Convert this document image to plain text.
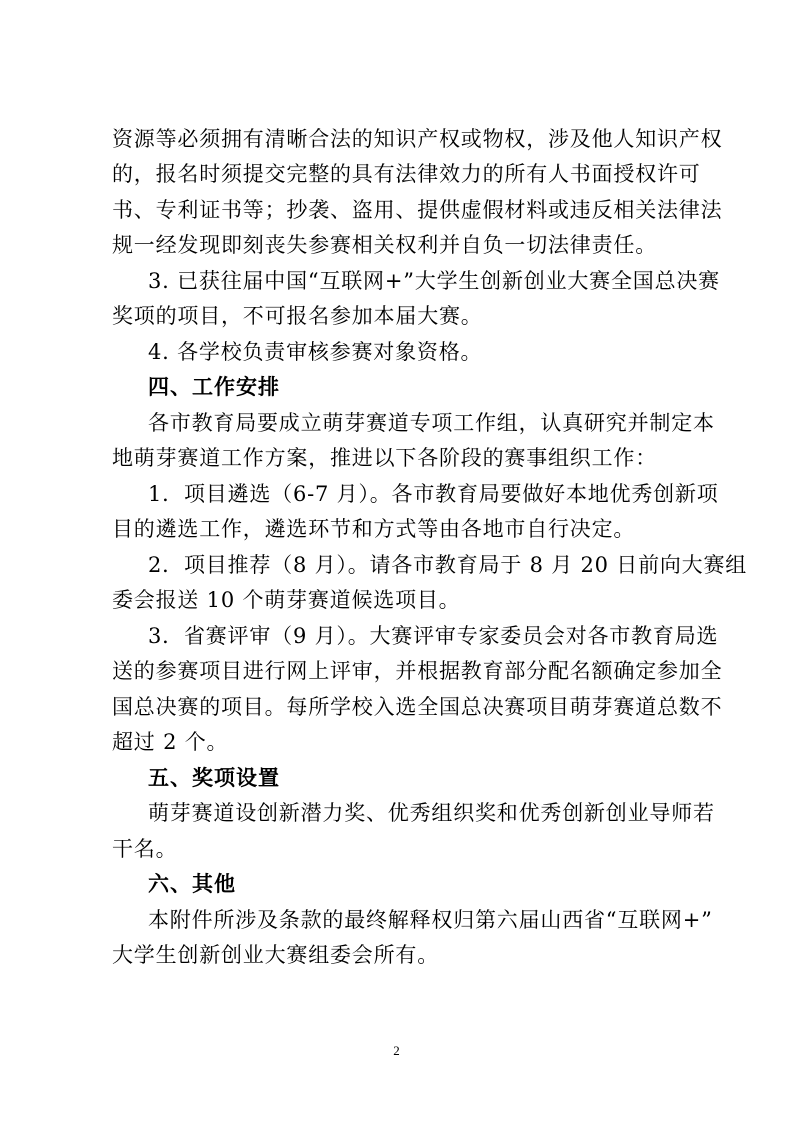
资源等必须拥有清晰合法的知识产权或物权，涉及他人知识产权
的，报名时须提交完整的具有法律效力的所有人书面授权许可
书、专利证书等；抄袭、盗用、提供虚假材料或违反相关法律法
规一经发现即刻丧失参赛相关权利并自负一切法律责任。
3. 已获往届中国“互联网+”大学生创新创业大赛全国总决赛
奖项的项目，不可报名参加本届大赛。
4. 各学校负责审核参赛对象资格。
四、工作安排
各市教育局要成立萌芽赛道专项工作组，认真研究并制定本
地萌芽赛道工作方案，推进以下各阶段的赛事组织工作：
1．项目遴选（6-7 月）。各市教育局要做好本地优秀创新项
目的遴选工作，遴选环节和方式等由各地市自行决定。
2．项目推荐（8 月）。请各市教育局于 8 月 20 日前向大赛组
委会报送 10 个萌芽赛道候选项目。
3．省赛评审（9 月）。大赛评审专家委员会对各市教育局选
送的参赛项目进行网上评审，并根据教育部分配名额确定参加全
国总决赛的项目。每所学校入选全国总决赛项目萌芽赛道总数不
超过 2 个。
五、奖项设置
萌芽赛道设创新潜力奖、优秀组织奖和优秀创新创业导师若
干名。
六、其他
本附件所涉及条款的最终解释权归第六届山西省“互联网+”
大学生创新创业大赛组委会所有。
2
